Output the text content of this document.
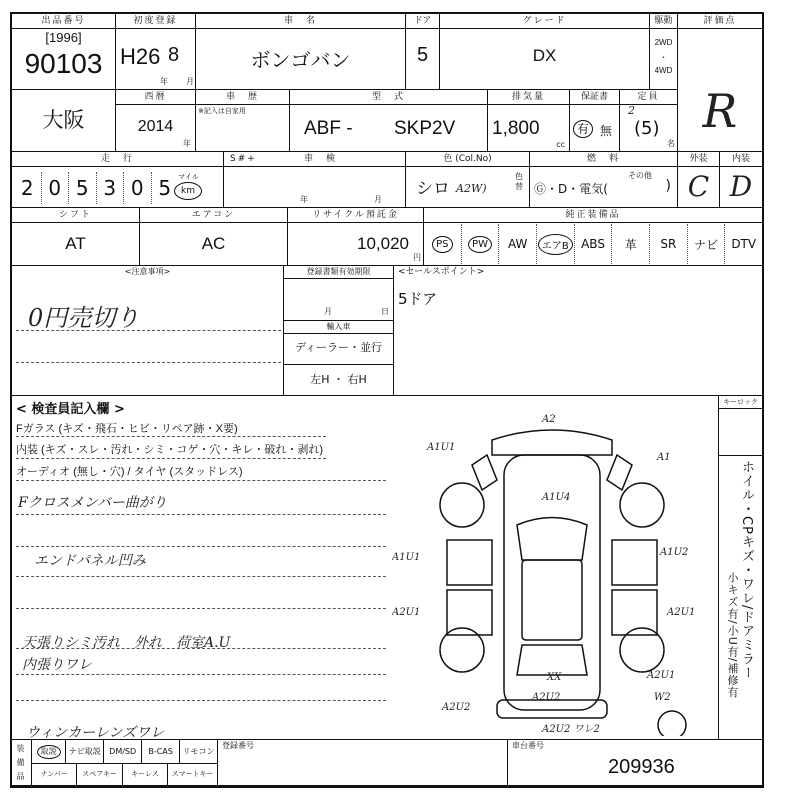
出品番号
[1996]
90103
初度登録
H26 8
年 月
車　名
ボンゴバン
ドア
5
グレード
DX
駆動
2WD
・
4WD
評価点
R
大阪
西暦
2014
年
車　歴
※記入は自家用
型　式
ABF - SKP2V
排気量
1,800
cc
保証書
有 無
定員
2
(5)
名
走　行
2 0 5 3 0 5 マイル
km
S#+	車　検
年	月
色 (Col.No)
シロ A2W)
色替
燃　料
Ⓖ・D・電気(
その他
)
外装
C
内装
D
シフト
AT
エアコン
AC
リサイクル預託金
10,020
円
純正装備品
PS	PW	AW	エアB	ABS 革 SR ナビ DTV
<注意事項>
0円売切り
登録書類有効期限
月	日
輸入車
ディーラー・並行
左H ・ 右H
<セールスポイント>
5ドア
< 検査員記入欄 >
Fガラス (キズ・飛石・ヒビ・リペア跡・X要)
内装 (キズ・スレ・汚れ・シミ・コゲ・穴・キレ・破れ・剥れ)
オーディオ (無し・穴) / タイヤ (スタッドレス)
Fクロスメンバー曲がり
エンドパネル凹み
天張りシミ汚れ　外れ　荷室A.U
内張りワレ
ウィンカーレンズワレ
キーロック
ホイル・CPキズ・ワレ/ドアミラー
小キズ有/小U有/補修有
A2
A1U1
A1
A1U4
A1U1	A1U2
A2U1	A2U1
XX
A2U2
A2U2
A2U1
W2
A2U2 ワレ2
装備品
取説	ナビ取説	DM/SD	B-CAS	リモコン
ナンバー	スペアキー	キーレス	スマートキー
登録番号	車台番号
209936
